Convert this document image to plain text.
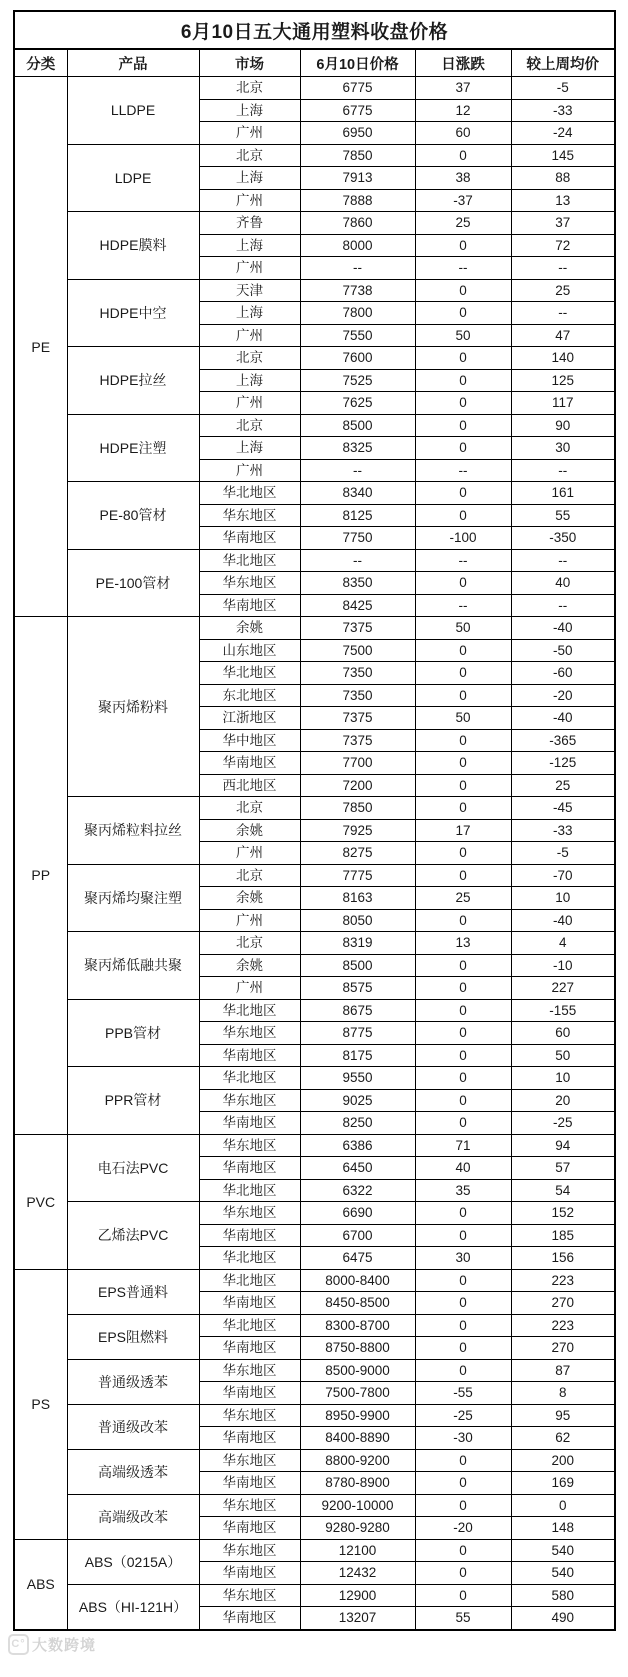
6月10日五大通用塑料收盘价格					
分类	产品	市场	6月10日价格	日涨跌	较上周均价
PE	LLDPE	北京	6775	37	-5
		上海	6775	12	-33
		广州	6950	60	-24
	LDPE	北京	7850	0	145
		上海	7913	38	88
		广州	7888	-37	13
	HDPE膜料	齐鲁	7860	25	37
		上海	8000	0	72
		广州	--	--	--
	HDPE中空	天津	7738	0	25
		上海	7800	0	--
		广州	7550	50	47
	HDPE拉丝	北京	7600	0	140
		上海	7525	0	125
		广州	7625	0	117
	HDPE注塑	北京	8500	0	90
		上海	8325	0	30
		广州	--	--	--
	PE-80管材	华北地区	8340	0	161
		华东地区	8125	0	55
		华南地区	7750	-100	-350
	PE-100管材	华北地区	--	--	--
		华东地区	8350	0	40
		华南地区	8425	--	--
PP	聚丙烯粉料	余姚	7375	50	-40
		山东地区	7500	0	-50
		华北地区	7350	0	-60
		东北地区	7350	0	-20
		江浙地区	7375	50	-40
		华中地区	7375	0	-365
		华南地区	7700	0	-125
		西北地区	7200	0	25
	聚丙烯粒料拉丝	北京	7850	0	-45
		余姚	7925	17	-33
		广州	8275	0	-5
	聚丙烯均聚注塑	北京	7775	0	-70
		余姚	8163	25	10
		广州	8050	0	-40
	聚丙烯低融共聚	北京	8319	13	4
		余姚	8500	0	-10
		广州	8575	0	227
	PPB管材	华北地区	8675	0	-155
		华东地区	8775	0	60
		华南地区	8175	0	50
	PPR管材	华北地区	9550	0	10
		华东地区	9025	0	20
		华南地区	8250	0	-25
PVC	电石法PVC	华东地区	6386	71	94
		华南地区	6450	40	57
		华北地区	6322	35	54
	乙烯法PVC	华东地区	6690	0	152
		华南地区	6700	0	185
		华北地区	6475	30	156
PS	EPS普通料	华北地区	8000-8400	0	223
		华南地区	8450-8500	0	270
	EPS阻燃料	华北地区	8300-8700	0	223
		华南地区	8750-8800	0	270
	普通级透苯	华东地区	8500-9000	0	87
		华南地区	7500-7800	-55	8
	普通级改苯	华东地区	8950-9900	-25	95
		华南地区	8400-8890	-30	62
	高端级透苯	华东地区	8800-9200	0	200
		华南地区	8780-8900	0	169
	高端级改苯	华东地区	9200-10000	0	0
		华南地区	9280-9280	-20	148
ABS	ABS（0215A）	华东地区	12100	0	540
		华南地区	12432	0	540
	ABS（HI-121H）	华东地区	12900	0	580
		华南地区	13207	55	490
C° 大数跨境
